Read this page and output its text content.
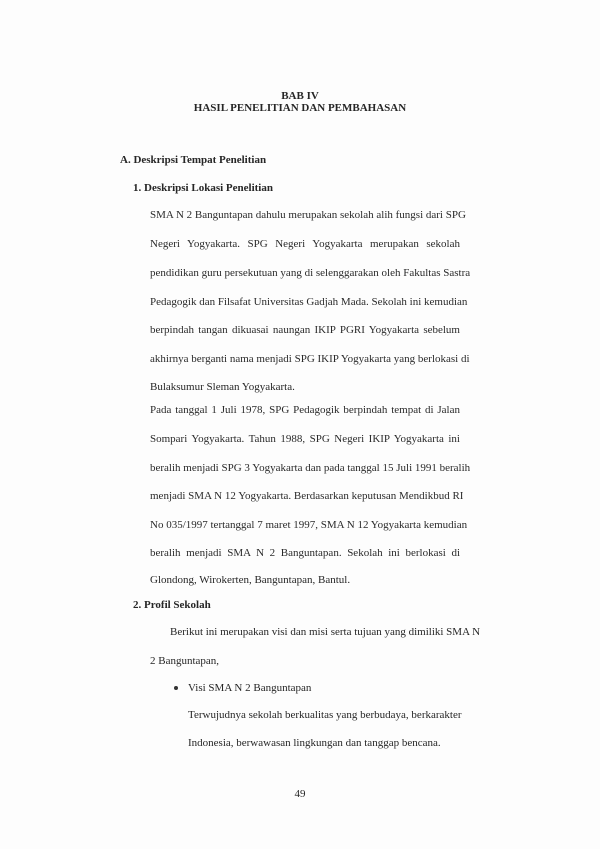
BAB IV
HASIL PENELITIAN DAN PEMBAHASAN
A. Deskripsi Tempat Penelitian
1. Deskripsi Lokasi Penelitian
SMA N 2 Banguntapan dahulu merupakan sekolah alih fungsi dari SPG
Negeri Yogyakarta. SPG Negeri Yogyakarta merupakan sekolah
pendidikan guru persekutuan yang di selenggarakan oleh Fakultas Sastra
Pedagogik dan Filsafat Universitas Gadjah Mada. Sekolah ini kemudian
berpindah tangan dikuasai naungan IKIP PGRI Yogyakarta sebelum
akhirnya berganti nama menjadi SPG IKIP Yogyakarta yang berlokasi di
Bulaksumur Sleman Yogyakarta.
Pada tanggal 1 Juli 1978, SPG Pedagogik berpindah tempat di Jalan
Sompari Yogyakarta. Tahun 1988, SPG Negeri IKIP Yogyakarta ini
beralih menjadi SPG 3 Yogyakarta dan pada tanggal 15 Juli 1991 beralih
menjadi SMA N 12 Yogyakarta. Berdasarkan keputusan Mendikbud RI
No 035/1997 tertanggal 7 maret 1997, SMA N 12 Yogyakarta kemudian
beralih menjadi SMA N 2 Banguntapan. Sekolah ini berlokasi di
Glondong, Wirokerten, Banguntapan, Bantul.
2. Profil Sekolah
Berikut ini merupakan visi dan misi serta tujuan yang dimiliki SMA N
2 Banguntapan,
Visi SMA N 2 Banguntapan
Terwujudnya sekolah berkualitas yang berbudaya, berkarakter
Indonesia, berwawasan lingkungan dan tanggap bencana.
49
